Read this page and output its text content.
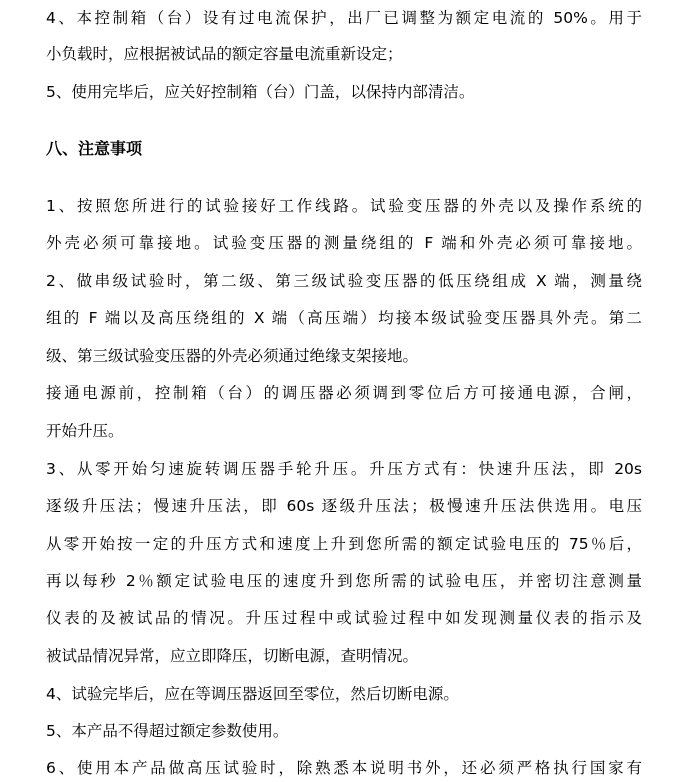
4、本控制箱（台）设有过电流保护，出厂已调整为额定电流的 50%。用于
小负载时，应根据被试品的额定容量电流重新设定；
5、使用完毕后，应关好控制箱（台）门盖，以保持内部清洁。
八、注意事项
1、按照您所进行的试验接好工作线路。试验变压器的外壳以及操作系统的
外壳必须可靠接地。试验变压器的测量绕组的 F 端和外壳必须可靠接地。
2、做串级试验时，第二级、第三级试验变压器的低压绕组成 X 端，测量绕
组的 F 端以及高压绕组的 X 端（高压端）均接本级试验变压器具外壳。第二
级、第三级试验变压器的外壳必须通过绝缘支架接地。
接通电源前，控制箱（台）的调压器必须调到零位后方可接通电源，合闸，
开始升压。
3、从零开始匀速旋转调压器手轮升压。升压方式有：快速升压法，即 20s
逐级升压法；慢速升压法，即 60s 逐级升压法；极慢速升压法供选用。电压
从零开始按一定的升压方式和速度上升到您所需的额定试验电压的 75％后，
再以每秒 2％额定试验电压的速度升到您所需的试验电压，并密切注意测量
仪表的及被试品的情况。升压过程中或试验过程中如发现测量仪表的指示及
被试品情况异常，应立即降压，切断电源，查明情况。
4、试验完毕后，应在等调压器返回至零位，然后切断电源。
5、本产品不得超过额定参数使用。
6、使用本产品做高压试验时，除熟悉本说明书外，还必须严格执行国家有
